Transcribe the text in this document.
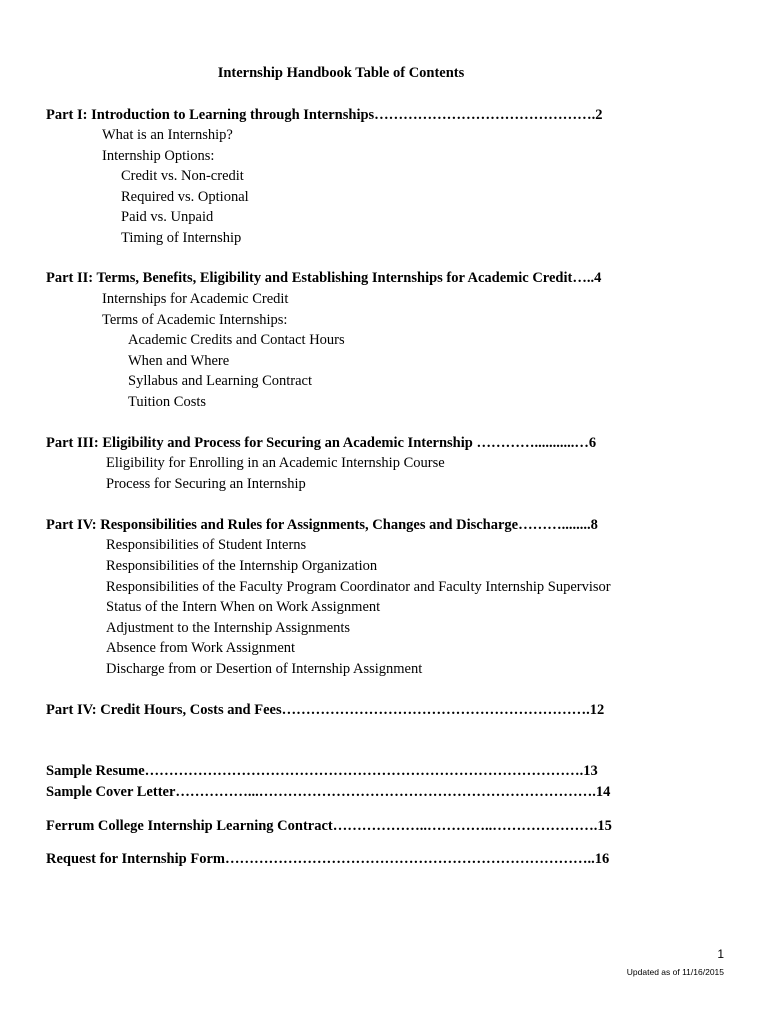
Internship Handbook Table of Contents
Part I: Introduction to Learning through Internships……………………………………….2
What is an Internship?
Internship Options:
Credit vs. Non-credit
Required vs. Optional
Paid vs. Unpaid
Timing of Internship
Part II: Terms, Benefits, Eligibility and Establishing Internships for Academic Credit…..4
Internships for Academic Credit
Terms of Academic Internships:
Academic Credits and Contact Hours
When and Where
Syllabus and Learning Contract
Tuition Costs
Part III: Eligibility and Process for Securing an Academic Internship …………...........…6
Eligibility for Enrolling in an Academic Internship Course
Process for Securing an Internship
Part IV: Responsibilities and Rules for Assignments, Changes and Discharge………........8
Responsibilities of Student Interns
Responsibilities of the Internship Organization
Responsibilities of the Faculty Program Coordinator and Faculty Internship Supervisor
Status of the Intern When on Work Assignment
Adjustment to the Internship Assignments
Absence from Work Assignment
Discharge from or Desertion of Internship Assignment
Part IV: Credit Hours, Costs and Fees……………………………………………………….12
Sample Resume……………………………………………………………………………….13
Sample Cover Letter……………...…………………………………………………………….14
Ferrum College Internship Learning Contract………………..…………..………………….15
Request for Internship Form…………………………………………………………………..16
1
Updated as of 11/16/2015
